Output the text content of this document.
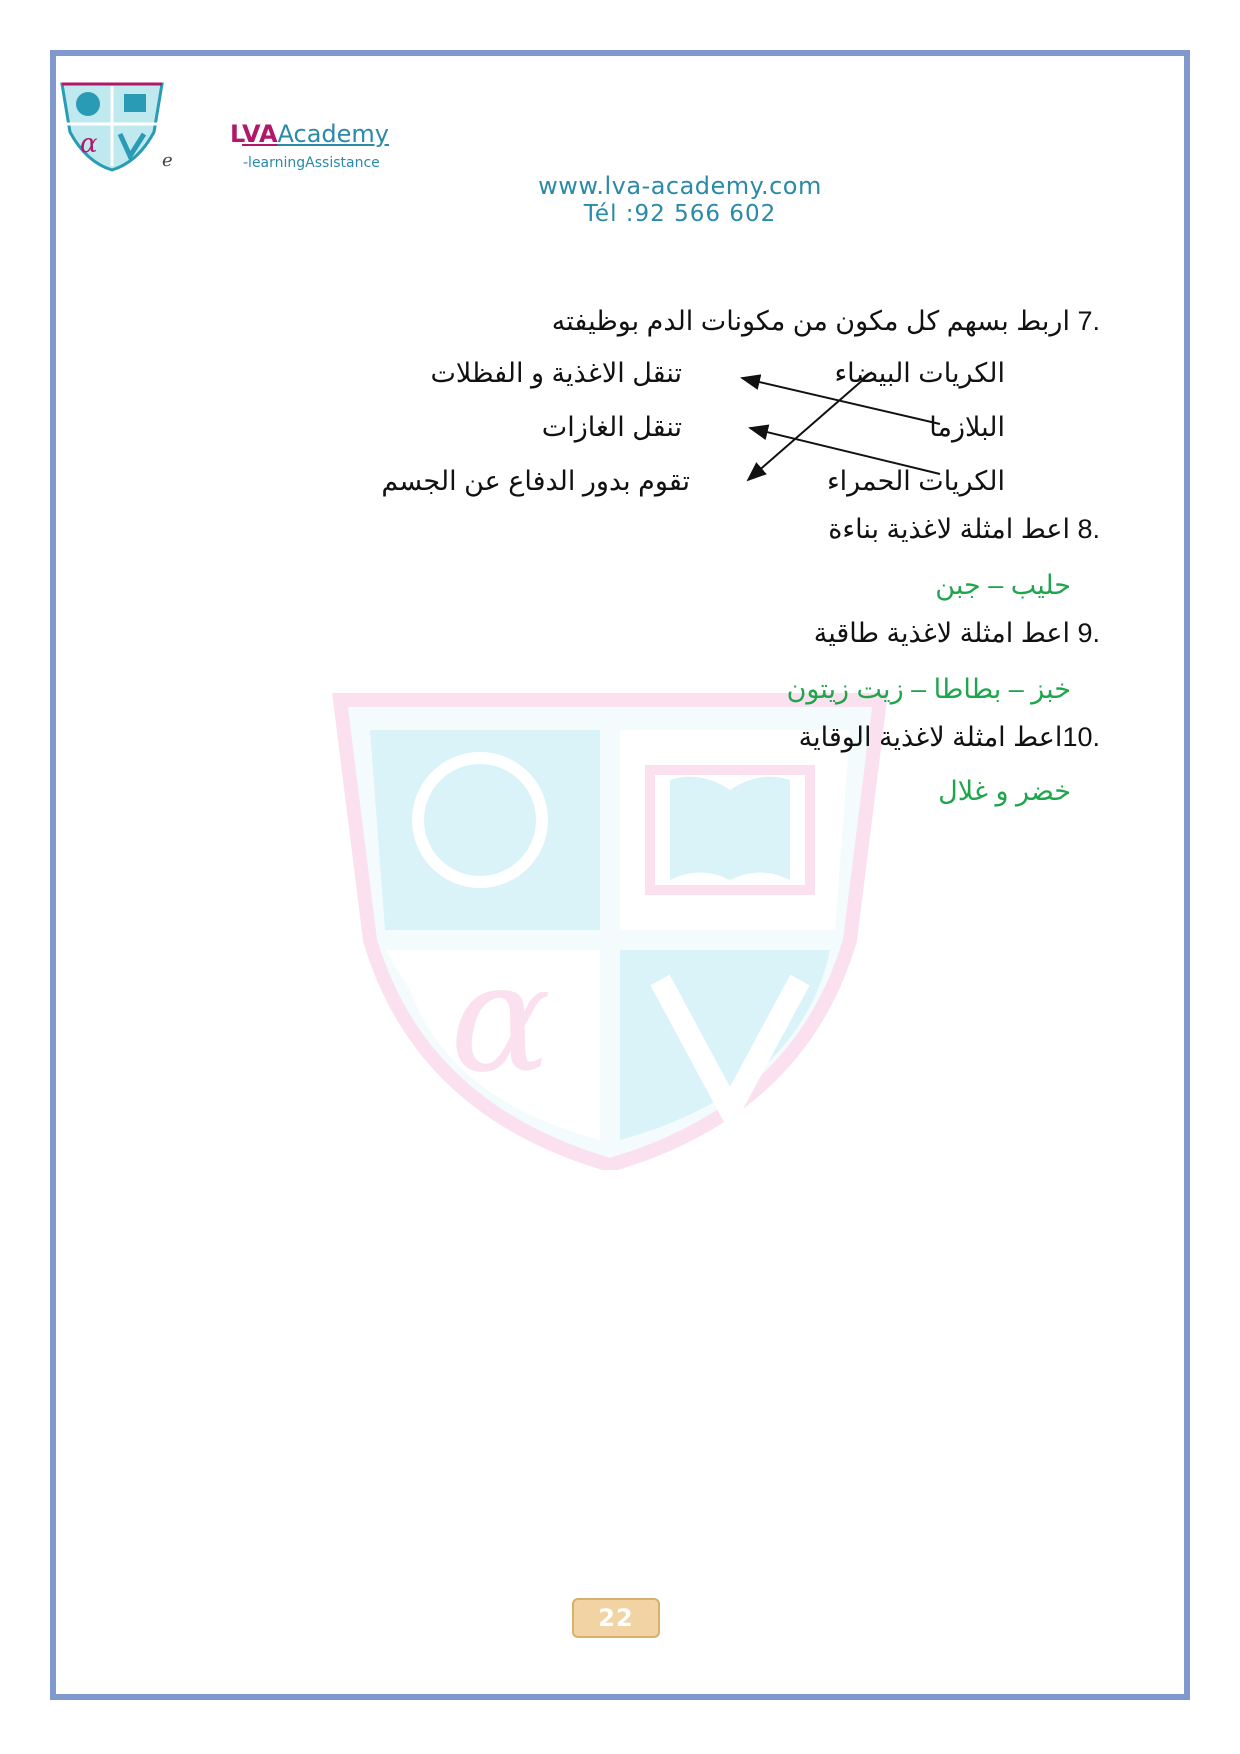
α
e
LVAAcademy
-learningAssistance
www.lva-academy.com
Tél :92 566 602
α
.7 اربط بسهم كل مكون من مكونات الدم بوظيفته
الكريات البيضاء
البلازما
الكريات الحمراء
تنقل الاغذية و الفظلات
تنقل الغازات
تقوم بدور الدفاع عن الجسم
.8 اعط امثلة لاغذية بناءة
حليب – جبن
.9 اعط امثلة لاغذية طاقية
خبز – بطاطا – زيت زيتون
.10اعط امثلة لاغذية الوقاية
خضر و غلال
22
